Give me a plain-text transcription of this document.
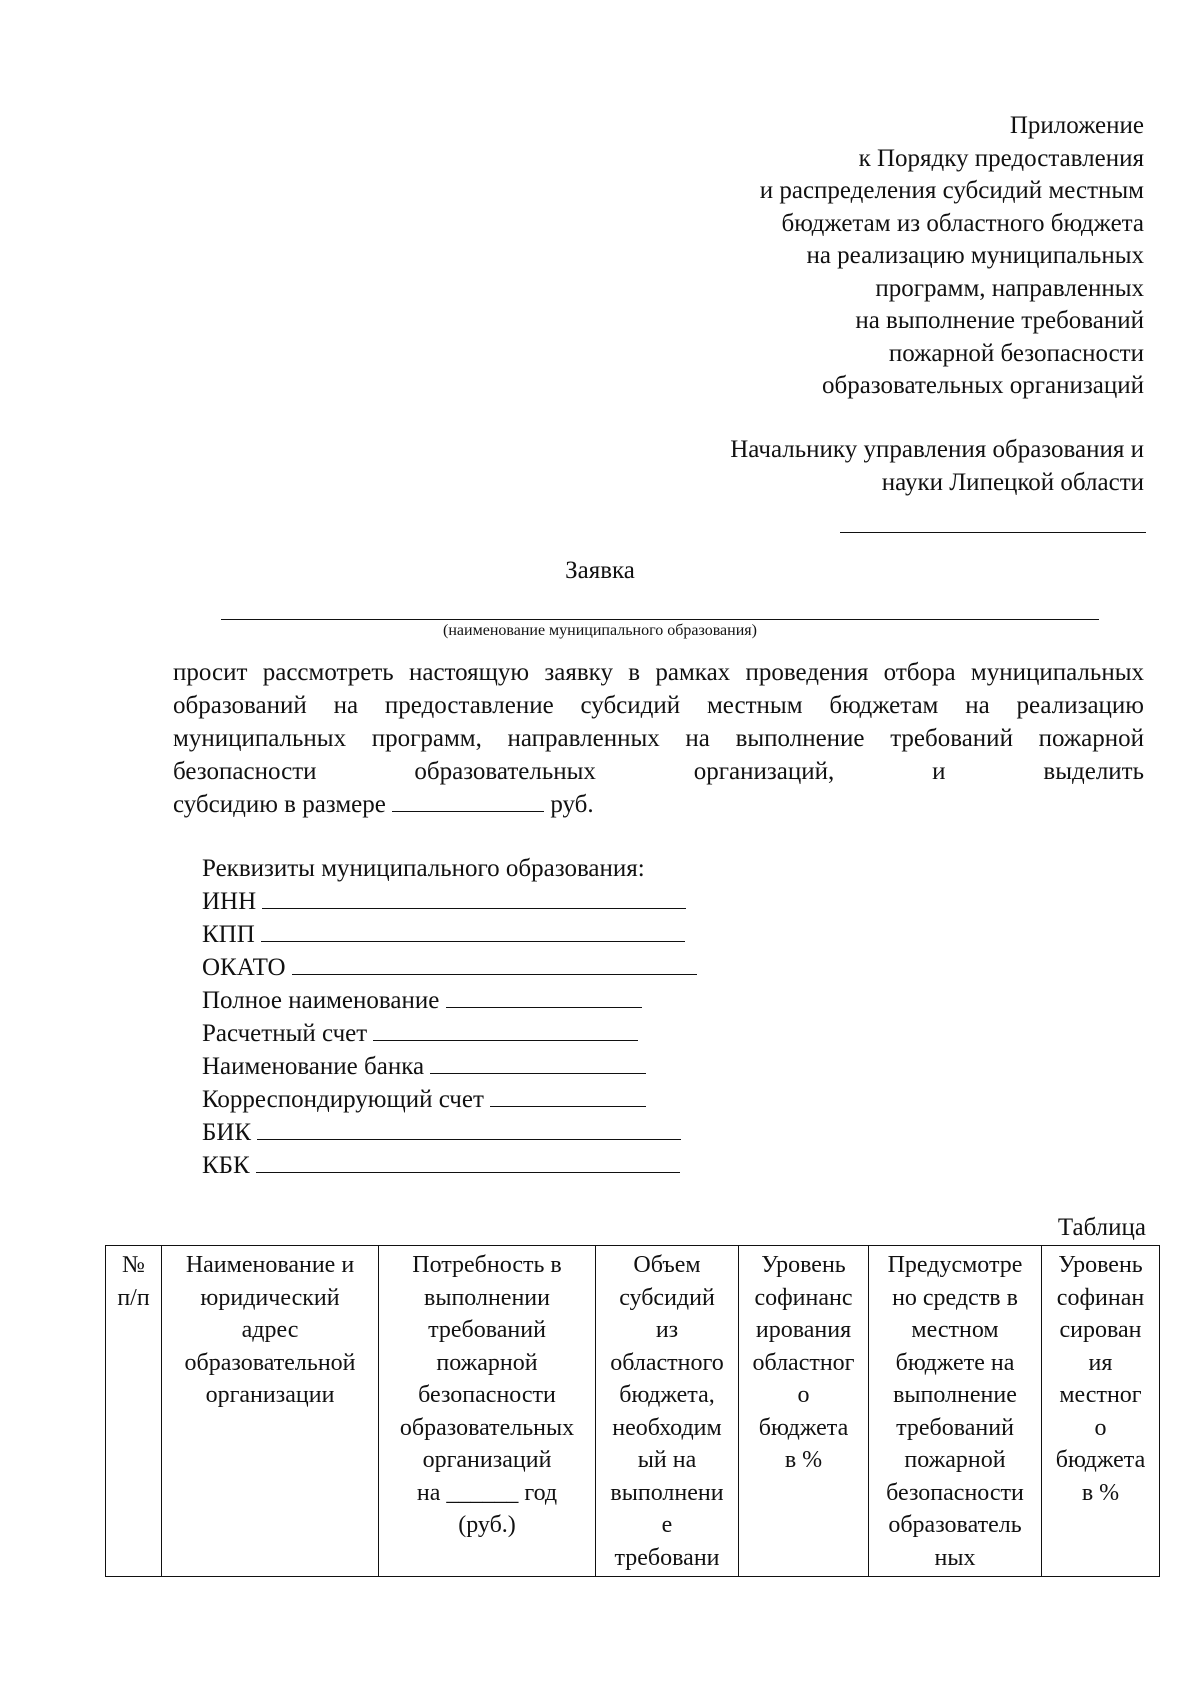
Приложение
к Порядку предоставления
и распределения субсидий местным
бюджетам из областного бюджета
на реализацию муниципальных
программ, направленных
на выполнение требований
пожарной безопасности
образовательных организаций
Начальнику управления образования и
науки Липецкой области
Заявка
(наименование муниципального образования)
просит рассмотреть настоящую заявку в рамках проведения отбора муниципальных образований на предоставление субсидий местным бюджетам на реализацию муниципальных программ, направленных на выполнение требований пожарной безопасности образовательных организаций, и выделить субсидию в размере	руб.
Реквизиты муниципального образования:
ИНН
КПП
ОКАТО
Полное наименование
Расчетный счет
Наименование банка
Корреспондирующий счет
БИК
КБК
Таблица
№
п/п

Наименование и
юридический
адрес
образовательной
организации

Потребность в
выполнении
требований
пожарной
безопасности
образовательных
организаций
на ______ год
(руб.)

Объем
субсидий
из
областного
бюджета,
необходим
ый на
выполнени
е
требовани

Уровень
софинанс
ирования
областног
о
бюджета
в %

Предусмотре
но средств в
местном
бюджете на
выполнение
требований
пожарной
безопасности
образователь
ных

Уровень
софинан
сирован
ия
местног
о
бюджета
в %
